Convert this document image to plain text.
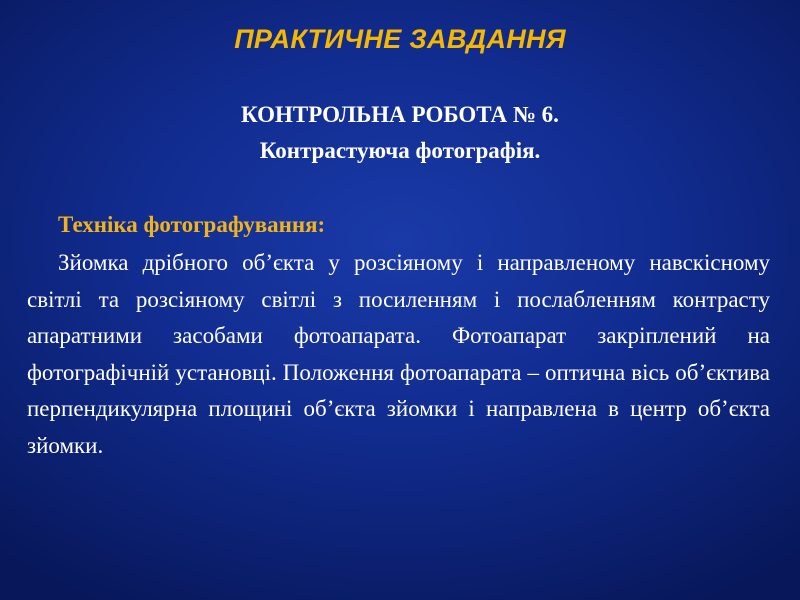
ПРАКТИЧНЕ ЗАВДАННЯ
КОНТРОЛЬНА РОБОТА № 6.
Контрастуюча фотографія.
Техніка фотографування:

Зйомка дрібного об’єкта у розсіяному і направленому навскісному світлі та розсіяному світлі з посиленням і послабленням контрасту апаратними засобами фотоапарата. Фотоапарат закріплений на фотографічній установці. Положення фотоапарата – оптична вісь об’єктива перпендикулярна площині об’єкта зйомки і направлена в центр об’єкта зйомки.
